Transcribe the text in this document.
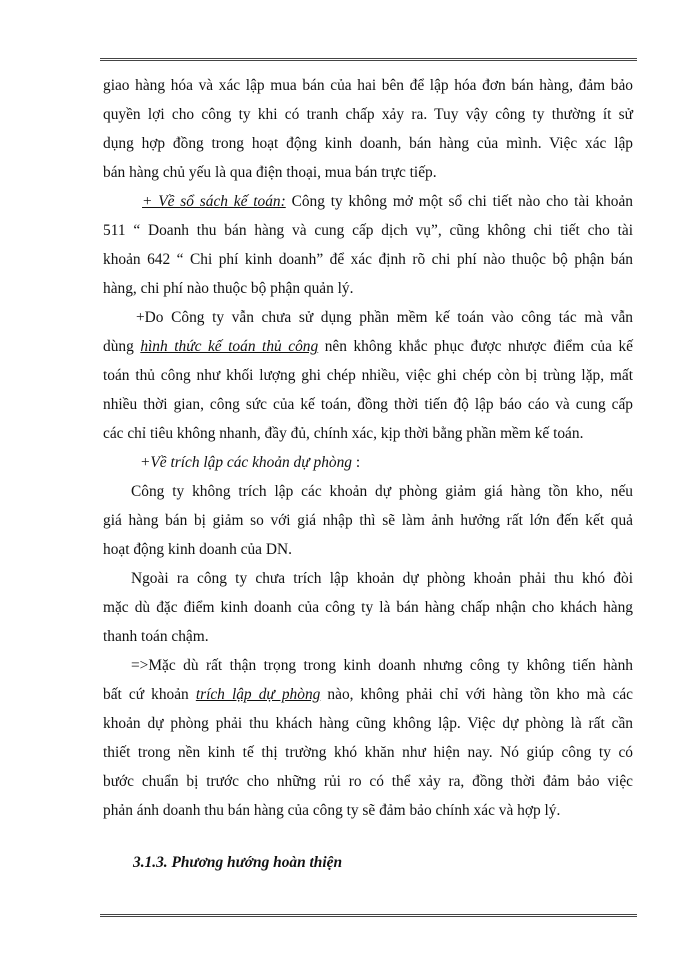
giao hàng hóa và xác lập mua bán của hai bên để lập hóa đơn bán hàng, đảm bảo
quyền lợi cho công ty khi có tranh chấp xảy ra. Tuy vậy công ty thường ít sử
dụng hợp đồng trong hoạt động kinh doanh, bán hàng của mình. Việc xác lập
bán hàng chủ yếu là qua điện thoại, mua bán trực tiếp.
+ Về sổ sách kế toán: Công ty không mở một sổ chi tiết nào cho tài khoản
511 “ Doanh thu bán hàng và cung cấp dịch vụ”, cũng không chi tiết cho tài
khoản 642 “ Chi phí kinh doanh” để xác định rõ chi phí nào thuộc bộ phận bán
hàng, chi phí nào thuộc bộ phận quản lý.
+Do Công ty vẫn chưa sử dụng phần mềm kế toán vào công tác mà vẫn
dùng hình thức kế toán thủ công nên không khắc phục được nhược điểm của kế
toán thủ công như khối lượng ghi chép nhiều, việc ghi chép còn bị trùng lặp, mất
nhiều thời gian, công sức của kế toán, đồng thời tiến độ lập báo cáo và cung cấp
các chỉ tiêu không nhanh, đầy đủ, chính xác, kịp thời bằng phần mềm kế toán.
+Về trích lập các khoản dự phòng :
Công ty không trích lập các khoản dự phòng giảm giá hàng tồn kho, nếu
giá hàng bán bị giảm so với giá nhập thì sẽ làm ảnh hưởng rất lớn đến kết quả
hoạt động kinh doanh của DN.
Ngoài ra công ty chưa trích lập khoản dự phòng khoản phải thu khó đòi
mặc dù đặc điểm kinh doanh của công ty là bán hàng chấp nhận cho khách hàng
thanh toán chậm.
=>Mặc dù rất thận trọng trong kinh doanh nhưng công ty không tiến hành
bất cứ khoản trích lập dự phòng nào, không phải chỉ với hàng tồn kho mà các
khoản dự phòng phải thu khách hàng cũng không lập. Việc dự phòng là rất cần
thiết trong nền kinh tế thị trường khó khăn như hiện nay. Nó giúp công ty có
bước chuẩn bị trước cho những rủi ro có thể xảy ra, đồng thời đảm bảo việc
phản ánh doanh thu bán hàng của công ty sẽ đảm bảo chính xác và hợp lý.
3.1.3. Phương hướng hoàn thiện
